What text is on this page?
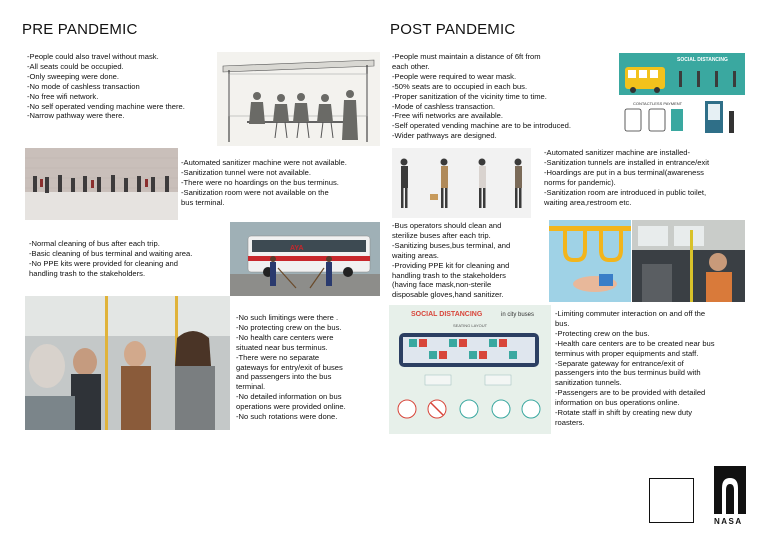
PRE PANDEMIC
-People could also travel without mask.
-All seats could be occupied.
-Only sweeping were done.
-No mode of cashless transaction
-No free wifi network.
-No self operated vending machine were there.
-Narrow pathway were there.
-Automated sanitizer machine were not available.
-Sanitization tunnel were not available.
-There were no hoardings on the bus terminus.
-Sanitization room were not available on the
bus terminal.
-Normal cleaning of bus after each trip.
-Basic cleaning of bus terminal and waiting area.
-No PPE kits were provided for cleaning and
handling trash to the stakeholders.
AYA
-No such limitings were there .
-No protecting crew on the bus.
-No health care centers were
situated near bus terminus.
-There were no separate
gateways for entry/exit of buses
and passengers into the bus
terminal.
-No detailed information on bus
operations were provided online.
-No such rotations were done.
POST PANDEMIC
-People must maintain a distance of 6ft from
each other.
-People were required to wear mask.
-50% seats are to occupied in each bus.
-Proper sanitization of the vicinity time to time.
-Mode of cashless transaction.
-Free wifi networks are available.
-Self operated vending machine are to be introduced.
-Wider pathways are designed.
SOCIAL DISTANCING
CONTACTLESS PAYMENT
-Automated sanitizer machine are installed-
-Sanitization tunnels are installed in entrance/exit
-Hoardings are put in a bus terminal(awareness
norms for pandemic).
-Sanitization room are introduced in public toilet,
waiting area,restroom etc.
-Bus operators should clean and
sterilize buses after each trip.
-Sanitizing buses,bus terminal, and
waiting areas.
-Providing PPE kit for cleaning and
handling trash to the stakeholders
(having face mask,non-sterile
disposable gloves,hand sanitizer.
SOCIAL DISTANCING	in city buses
SEATING LAYOUT
-Limiting commuter interaction on and off the
bus.
-Protecting crew on the bus.
-Health care centers are to be created near bus
terminus with proper equipments and staff.
-Separate gateway for entrance/exit of
passengers into the bus terminus build with
sanitization tunnels.
-Passengers are to be provided with detailed
information on bus operations online.
-Rotate staff in shift by creating new duty
roasters.
NASA
